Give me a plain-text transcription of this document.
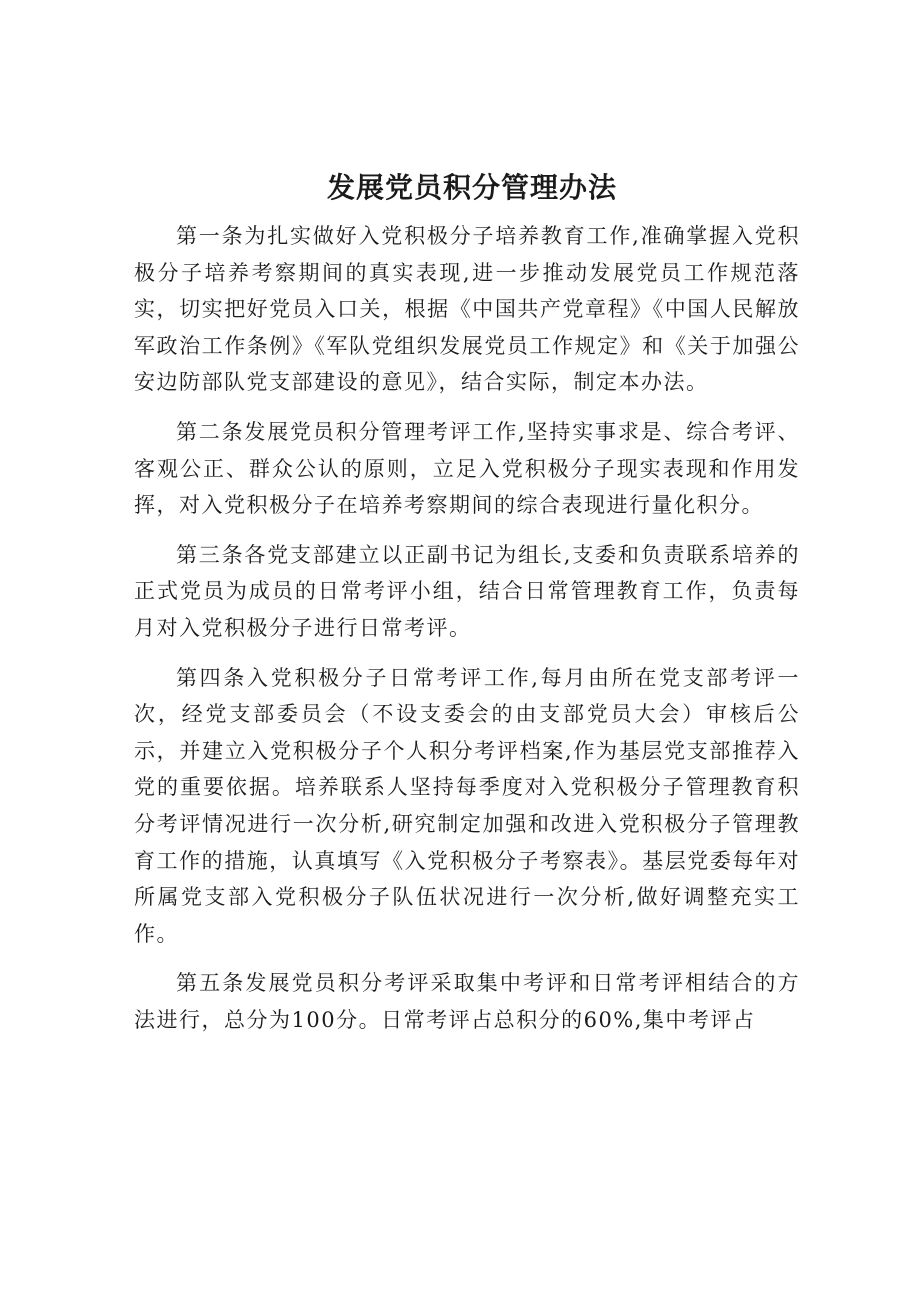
发展党员积分管理办法

第一条为扎实做好入党积极分子培养教育工作,准确掌握入党积极分子培养考察期间的真实表现,进一步推动发展党员工作规范落实，切实把好党员入口关，根据《中国共产党章程》《中国人民解放军政治工作条例》《军队党组织发展党员工作规定》和《关于加强公安边防部队党支部建设的意见》，结合实际，制定本办法。

第二条发展党员积分管理考评工作,坚持实事求是、综合考评、客观公正、群众公认的原则，立足入党积极分子现实表现和作用发挥，对入党积极分子在培养考察期间的综合表现进行量化积分。

第三条各党支部建立以正副书记为组长,支委和负责联系培养的正式党员为成员的日常考评小组，结合日常管理教育工作，负责每月对入党积极分子进行日常考评。

第四条入党积极分子日常考评工作,每月由所在党支部考评一次，经党支部委员会（不设支委会的由支部党员大会）审核后公示，并建立入党积极分子个人积分考评档案,作为基层党支部推荐入党的重要依据。培养联系人坚持每季度对入党积极分子管理教育积分考评情况进行一次分析,研究制定加强和改进入党积极分子管理教育工作的措施，认真填写《入党积极分子考察表》。基层党委每年对所属党支部入党积极分子队伍状况进行一次分析,做好调整充实工作。

第五条发展党员积分考评采取集中考评和日常考评相结合的方法进行，总分为100分。日常考评占总积分的60%,集中考评占
